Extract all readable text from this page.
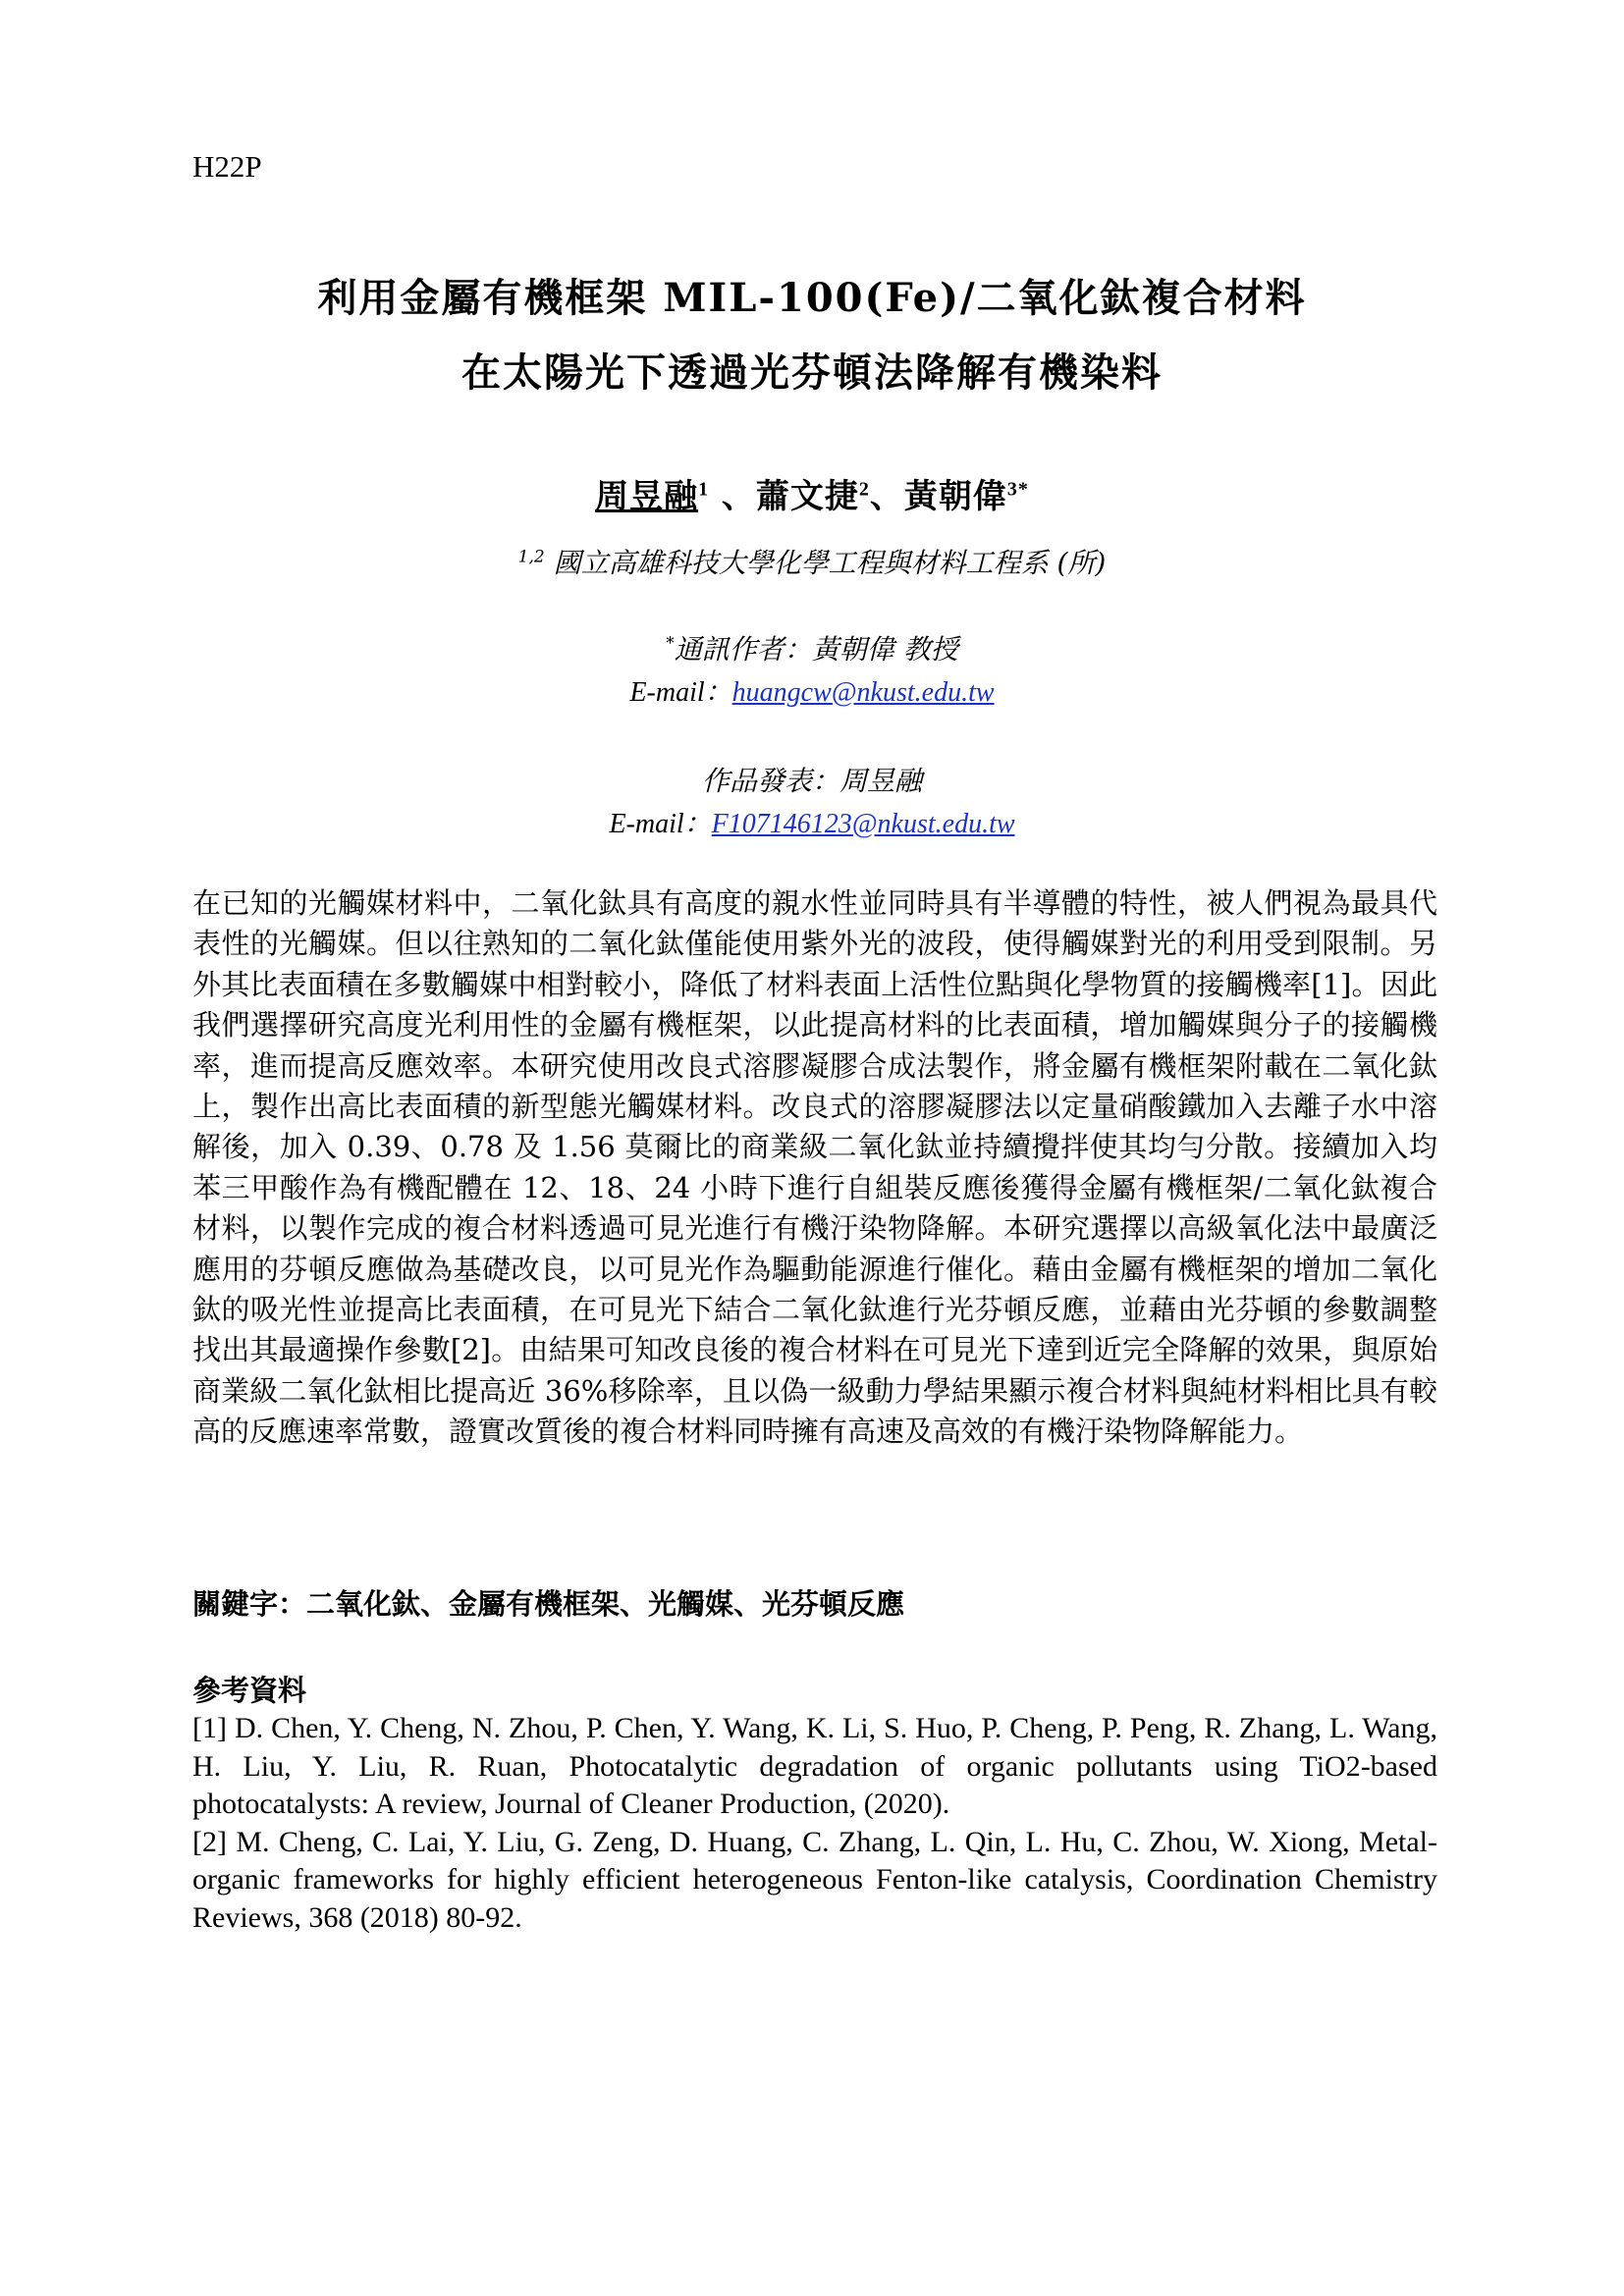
H22P
利用金屬有機框架 MIL-100(Fe)/二氧化鈦複合材料
在太陽光下透過光芬頓法降解有機染料
周昱融$^1$ 、蕭文捷$^2$、黃朝偉$^{3*}$
$^{1,2}$ 國立高雄科技大學化學工程與材料工程系 (所)
*通訊作者：黃朝偉 教授
E-mail：huangcw@nkust.edu.tw
作品發表：周昱融
E-mail：F107146123@nkust.edu.tw
在已知的光觸媒材料中，二氧化鈦具有高度的親水性並同時具有半導體的特性，被人們視為最具代表性的光觸媒。但以往熟知的二氧化鈦僅能使用紫外光的波段，使得觸媒對光的利用受到限制。另外其比表面積在多數觸媒中相對較小，降低了材料表面上活性位點與化學物質的接觸機率[1]。因此我們選擇研究高度光利用性的金屬有機框架，以此提高材料的比表面積，增加觸媒與分子的接觸機率，進而提高反應效率。本研究使用改良式溶膠凝膠合成法製作，將金屬有機框架附載在二氧化鈦上，製作出高比表面積的新型態光觸媒材料。改良式的溶膠凝膠法以定量硝酸鐵加入去離子水中溶解後，加入 0.39、0.78 及 1.56 莫爾比的商業級二氧化鈦並持續攪拌使其均勻分散。接續加入均苯三甲酸作為有機配體在 12、18、24 小時下進行自組裝反應後獲得金屬有機框架/二氧化鈦複合材料，以製作完成的複合材料透過可見光進行有機汙染物降解。本研究選擇以高級氧化法中最廣泛應用的芬頓反應做為基礎改良，以可見光作為驅動能源進行催化。藉由金屬有機框架的增加二氧化鈦的吸光性並提高比表面積，在可見光下結合二氧化鈦進行光芬頓反應，並藉由光芬頓的參數調整找出其最適操作參數[2]。由結果可知改良後的複合材料在可見光下達到近完全降解的效果，與原始商業級二氧化鈦相比提高近 36%移除率，且以偽一級動力學結果顯示複合材料與純材料相比具有較高的反應速率常數，證實改質後的複合材料同時擁有高速及高效的有機汙染物降解能力。
關鍵字：二氧化鈦、金屬有機框架、光觸媒、光芬頓反應
參考資料

[1] D. Chen, Y. Cheng, N. Zhou, P. Chen, Y. Wang, K. Li, S. Huo, P. Cheng, P. Peng, R. Zhang, L. Wang, H. Liu, Y. Liu, R. Ruan, Photocatalytic degradation of organic pollutants using TiO2-based photocatalysts: A review, Journal of Cleaner Production, (2020).

[2] M. Cheng, C. Lai, Y. Liu, G. Zeng, D. Huang, C. Zhang, L. Qin, L. Hu, C. Zhou, W. Xiong, Metal-organic frameworks for highly efficient heterogeneous Fenton-like catalysis, Coordination Chemistry Reviews, 368 (2018) 80-92.
